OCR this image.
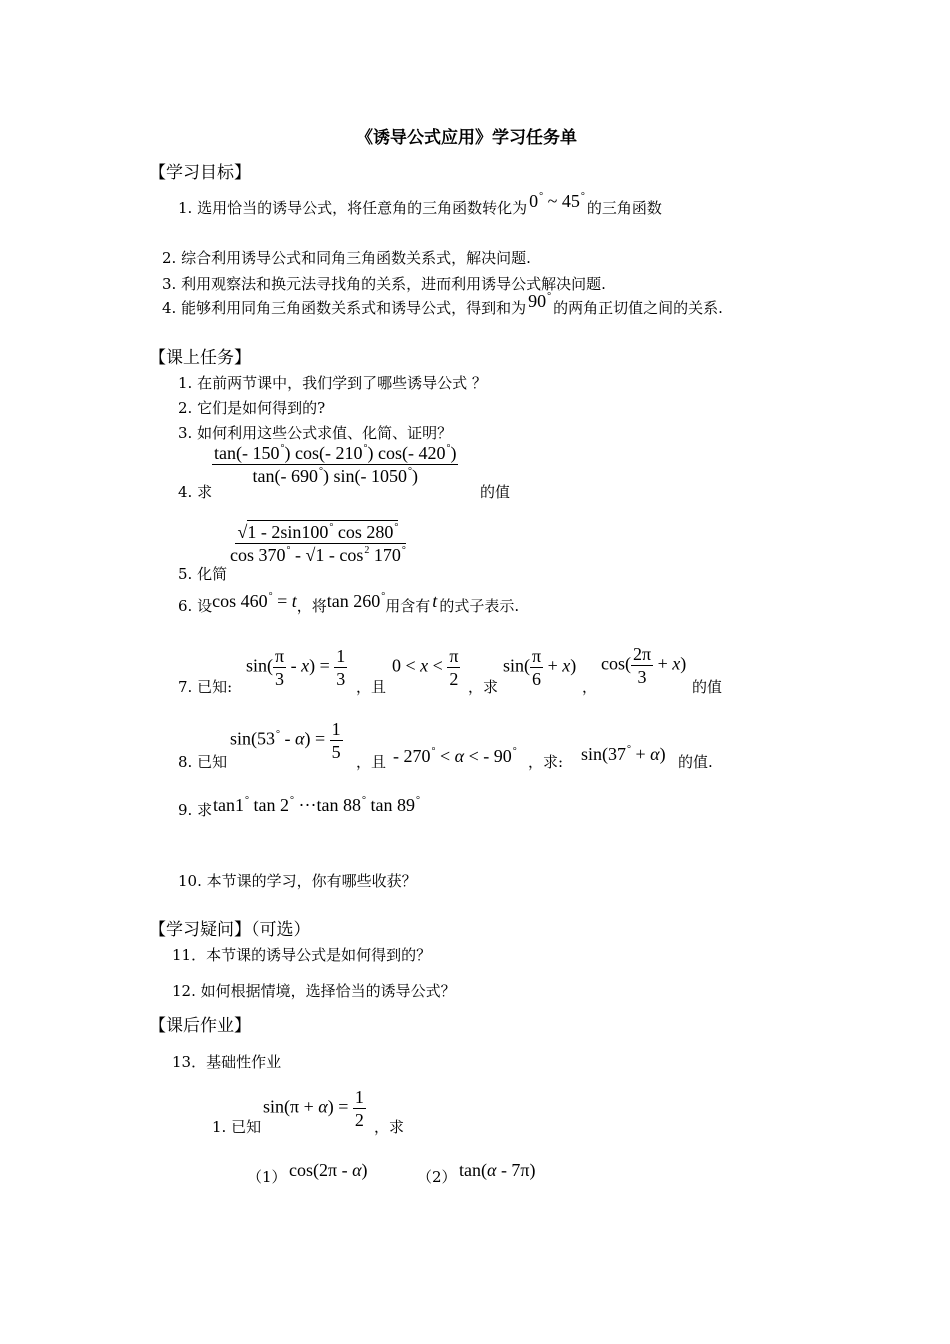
《诱导公式应用》学习任务单
【学习目标】
1. 选用恰当的诱导公式，将任意角的三角函数转化为 0° ~ 45°的三角函数
2. 综合利用诱导公式和同角三角函数关系式，解决问题.
3. 利用观察法和换元法寻找角的关系，进而利用诱导公式解决问题.
4. 能够利用同角三角函数关系式和诱导公式，得到和为 90°的两角正切值之间的关系.
【课上任务】
1. 在前两节课中，我们学到了哪些诱导公式 ？
2. 它们是如何得到的?
3. 如何利用这些公式求值、化简、证明？
4. 求
$\frac{\tan(- 150^\circ) \cos(- 210^\circ) \cos(- 420^\circ)}{\tan(- 690^\circ) \sin(- 1050^\circ)}$
的值
5. 化简
$\frac{√1 - 2\sin 100^\circ \cos 280^\circ}{\cos 370^\circ - √1 - \cos^2 170^\circ}$
6. 设cos 460° = t，将tan 260°用含有 t 的式子表示.
7. 已知:
$\sin( \frac{\pi}{3} - x) = \frac{1}{3}$ ，且
$0 < x < \frac{\pi}{2}$ ，求
$\sin( \frac{\pi}{6} + x)$
，
$\cos( \frac{2\pi}{3} + x)$
的值
8. 已知
$\sin(53^\circ - \alpha) = \frac{1}{5}$
，且 - 270° < α < - 90°
，求: sin(37° + α) 的值.
9. 求 tan1° tan 2° ···tan 88° tan 89°
10. 本节课的学习，你有哪些收获？
【学习疑问】（可选）
11．本节课的诱导公式是如何得到的？
12. 如何根据情境，选择恰当的诱导公式？
【课后作业】
13．基础性作业
1. 已知
$\sin(\pi + \alpha) = \frac{1}{2}$ ，求
（1） cos(2π - α)	（2） tan(α - 7π)
